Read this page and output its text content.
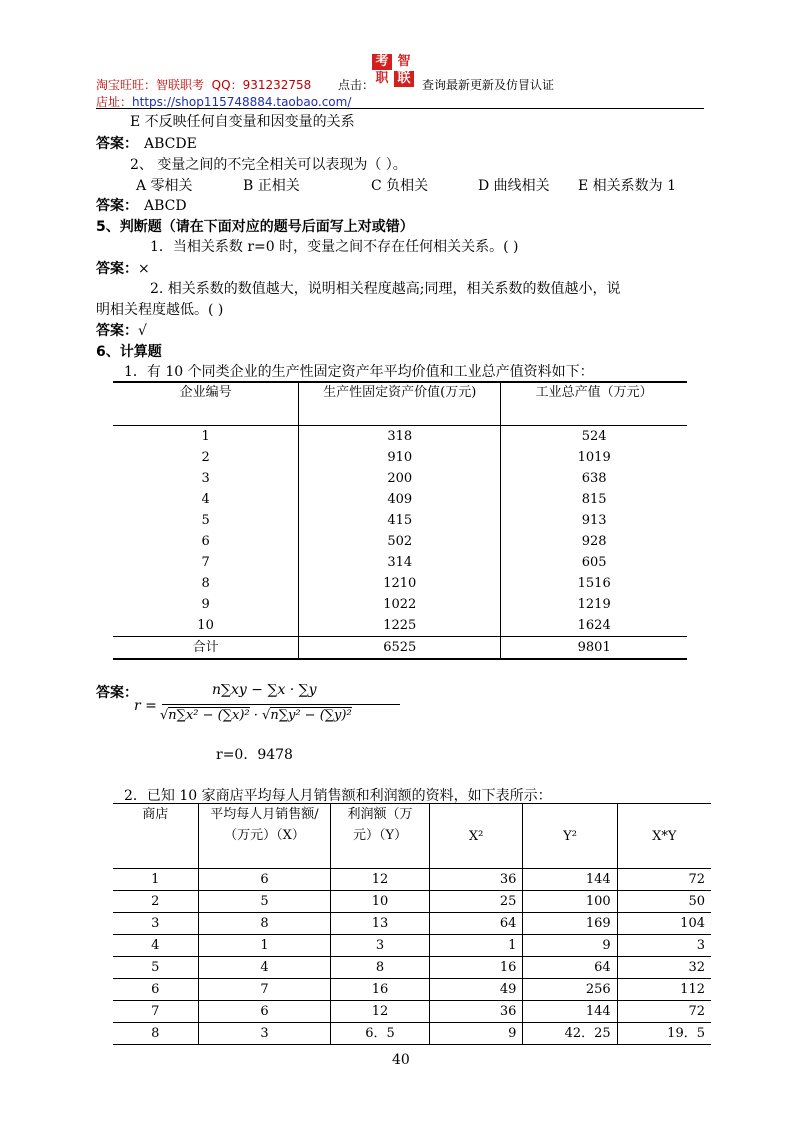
淘宝旺旺：智联职考 QQ：931232758 点击：
考 智
职 联 查询最新更新及仿冒认证
店址：https://shop115748884.taobao.com/
E 不反映任何自变量和因变量的关系
答案： ABCDE
2、 变量之间的不完全相关可以表现为（ ）。
A 零相关	B 正相关	C 负相关	D 曲线相关 E 相关系数为 1
答案： ABCD
5、判断题（请在下面对应的题号后面写上对或错）
1．当相关系数 r=0 时，变量之间不存在任何相关关系。( )
答案：×
2. 相关系数的数值越大，说明相关程度越高;同理，相关系数的数值越小，说
明相关程度越低。( )
答案：√
6、计算题
1．有 10 个同类企业的生产性固定资产年平均价值和工业总产值资料如下：
企业编号	生产性固定资产价值(万元)	工业总产值（万元）
1	318	524
2	910	1019
3	200	638
4	409	815
5	415	913
6	502	928
7	314	605
8	1210	1516
9	1022	1219
10	1225	1624
合计	6525	9801
答案：
r =
n∑xy − ∑x · ∑y
√n∑x² − (∑x)² · √n∑y² − (∑y)²
r=0．9478
2．已知 10 家商店平均每人月销售额和利润额的资料，如下表所示：
商店	平均每人月销售额/（万元）（X）	利润额（万元）（Y）	X²	Y²	X*Y
1	6	12	36	144	72
2	5	10	25	100	50
3	8	13	64	169	104
4	1	3	1	9	3
5	4	8	16	64	32
6	7	16	49	256	112
7	6	12	36	144	72
8	3	6．5	9	42．25	19．5
40
